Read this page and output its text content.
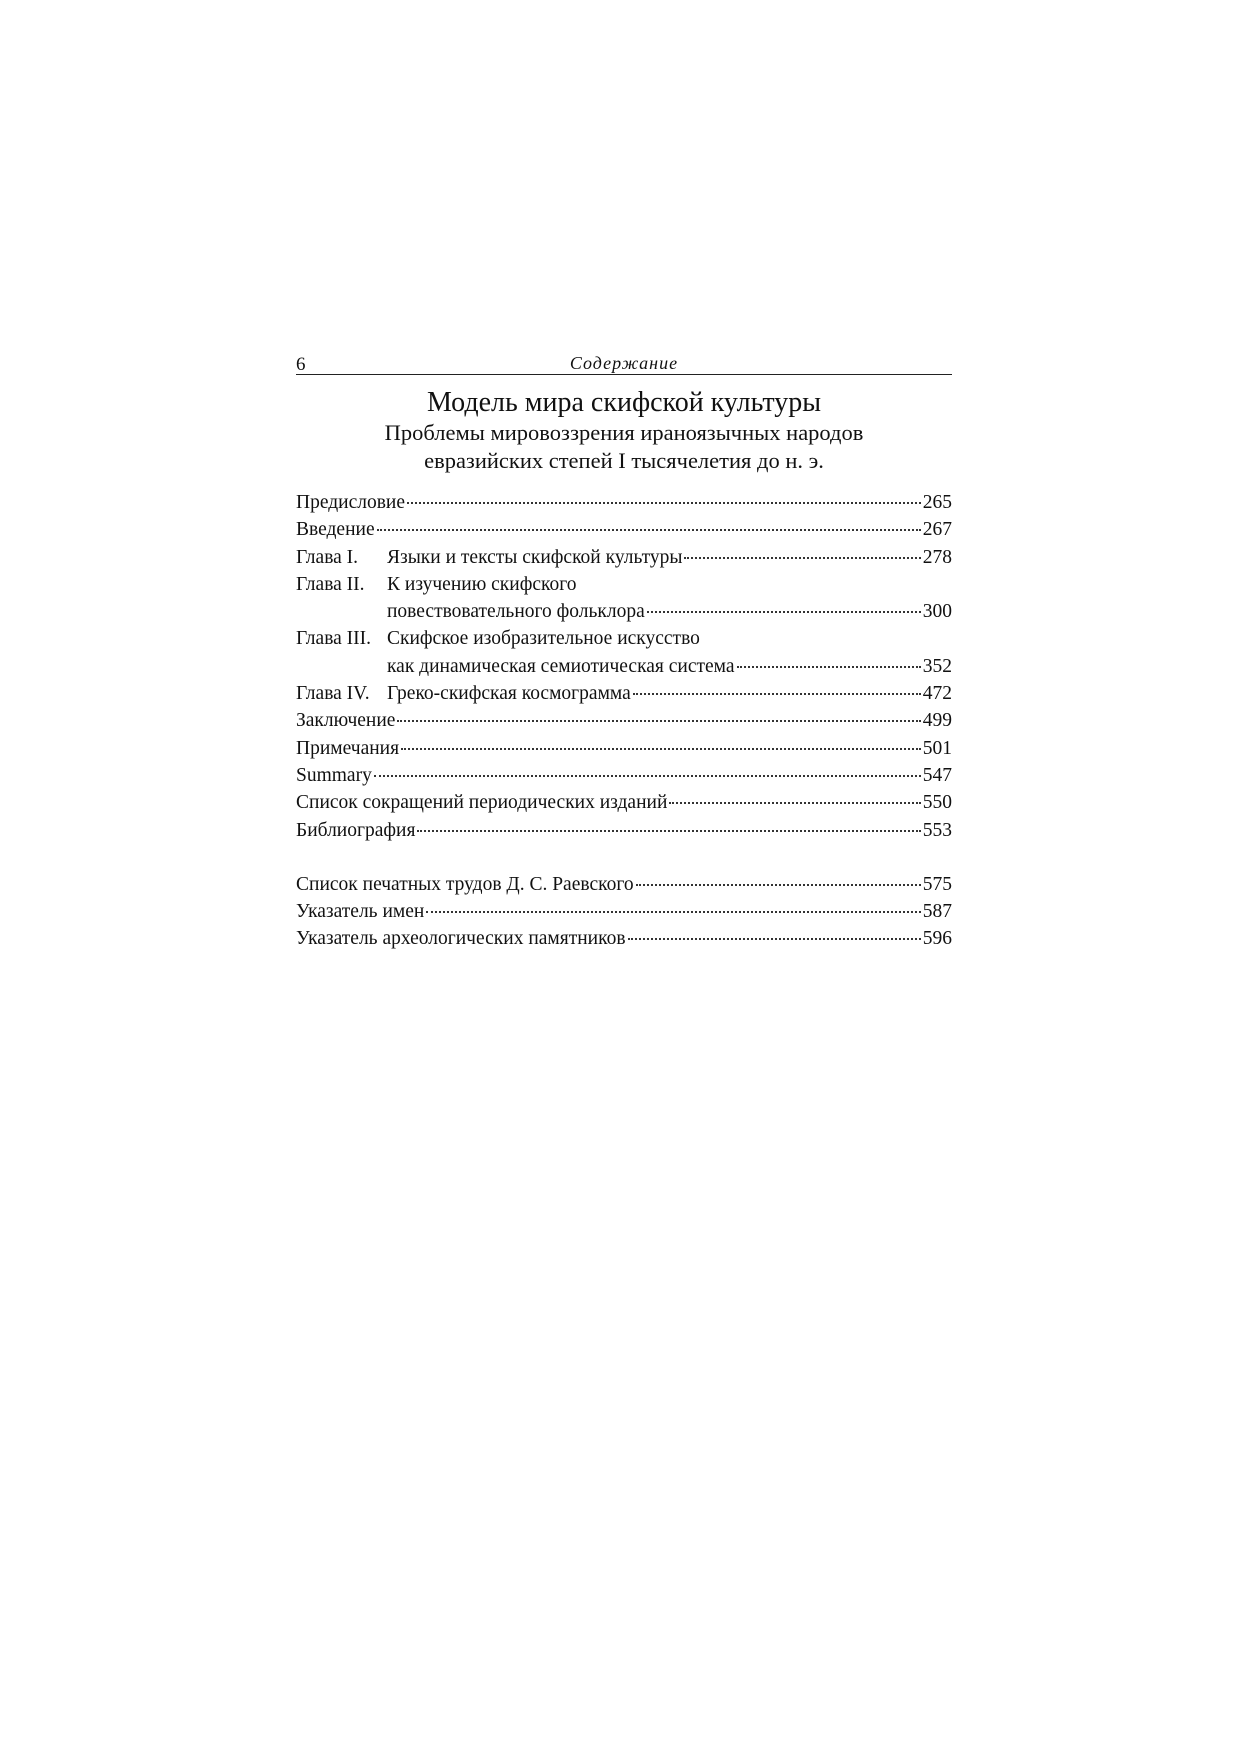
6	Содержание
Модель мира скифской культуры
Проблемы мировоззрения ираноязычных народов
евразийских степей I тысячелетия до н. э.
Предисловие	265
Введение	267
Глава I.	Языки и тексты скифской культуры	278
Глава II.	К изучению скифского
повествовательного фольклора	300
Глава III. Скифское изобразительное искусство
как динамическая семиотическая система	352
Глава IV. Греко-скифская космограмма	472
Заключение	499
Примечания	501
Summary	547
Список сокращений периодических изданий	550
Библиография	553
Список печатных трудов Д. С. Раевского	575
Указатель имен	587
Указатель археологических памятников	596
